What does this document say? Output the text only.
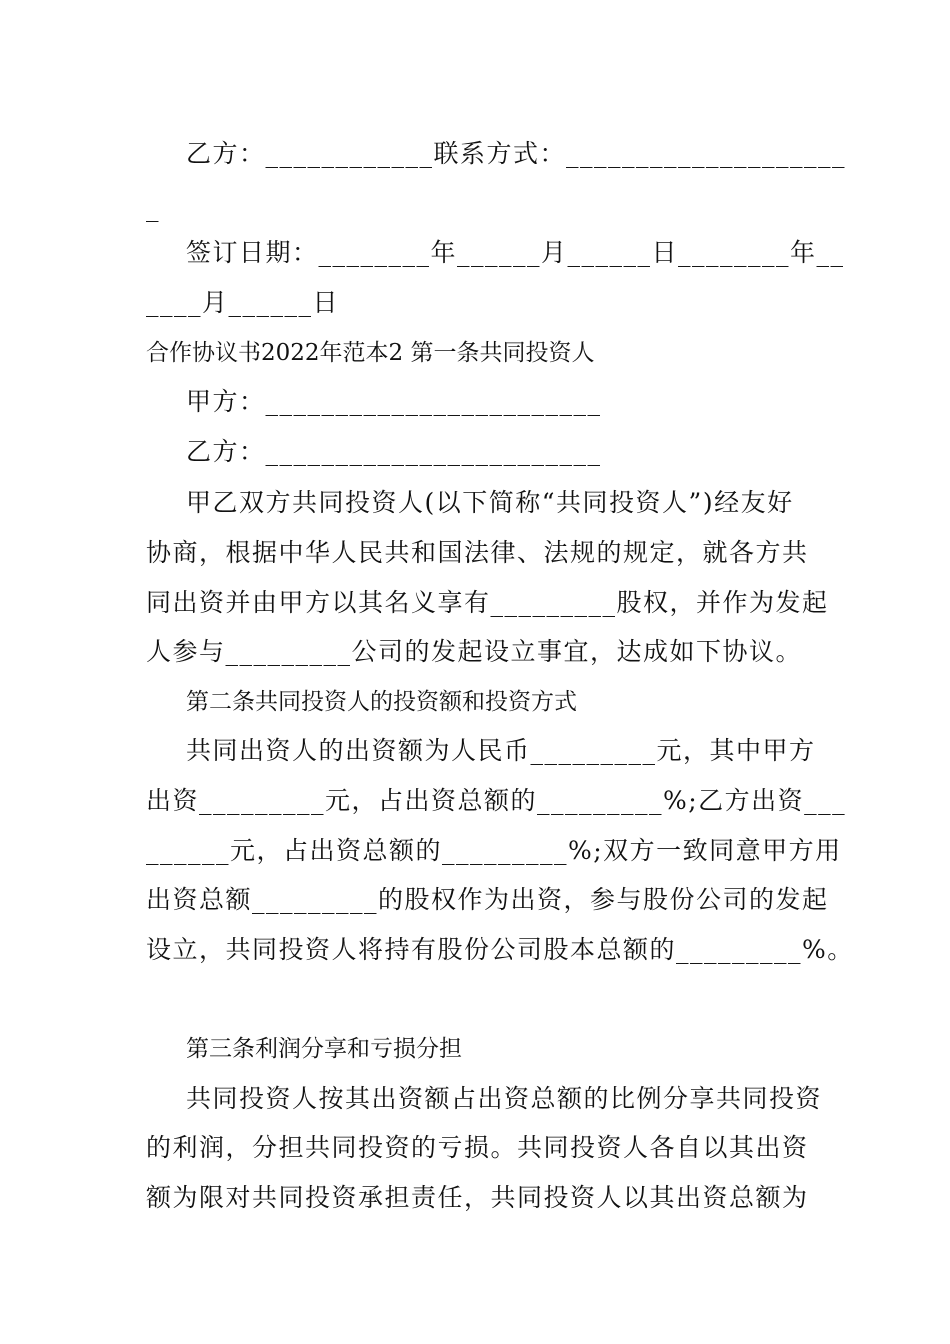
乙方：____________联系方式：____________________
_
签订日期：________年______月______日________年__
____月______日
合作协议书2022年范本2 第一条共同投资人
甲方：________________________
乙方：________________________
甲乙双方共同投资人(以下简称“共同投资人”)经友好
协商，根据中华人民共和国法律、法规的规定，就各方共
同出资并由甲方以其名义享有_________股权，并作为发起
人参与_________公司的发起设立事宜，达成如下协议。
第二条共同投资人的投资额和投资方式
共同出资人的出资额为人民币_________元，其中甲方
出资_________元，占出资总额的_________%;乙方出资___
______元，占出资总额的_________%;双方一致同意甲方用
出资总额_________的股权作为出资，参与股份公司的发起
设立，共同投资人将持有股份公司股本总额的_________%。
第三条利润分享和亏损分担
共同投资人按其出资额占出资总额的比例分享共同投资
的利润，分担共同投资的亏损。共同投资人各自以其出资
额为限对共同投资承担责任，共同投资人以其出资总额为
